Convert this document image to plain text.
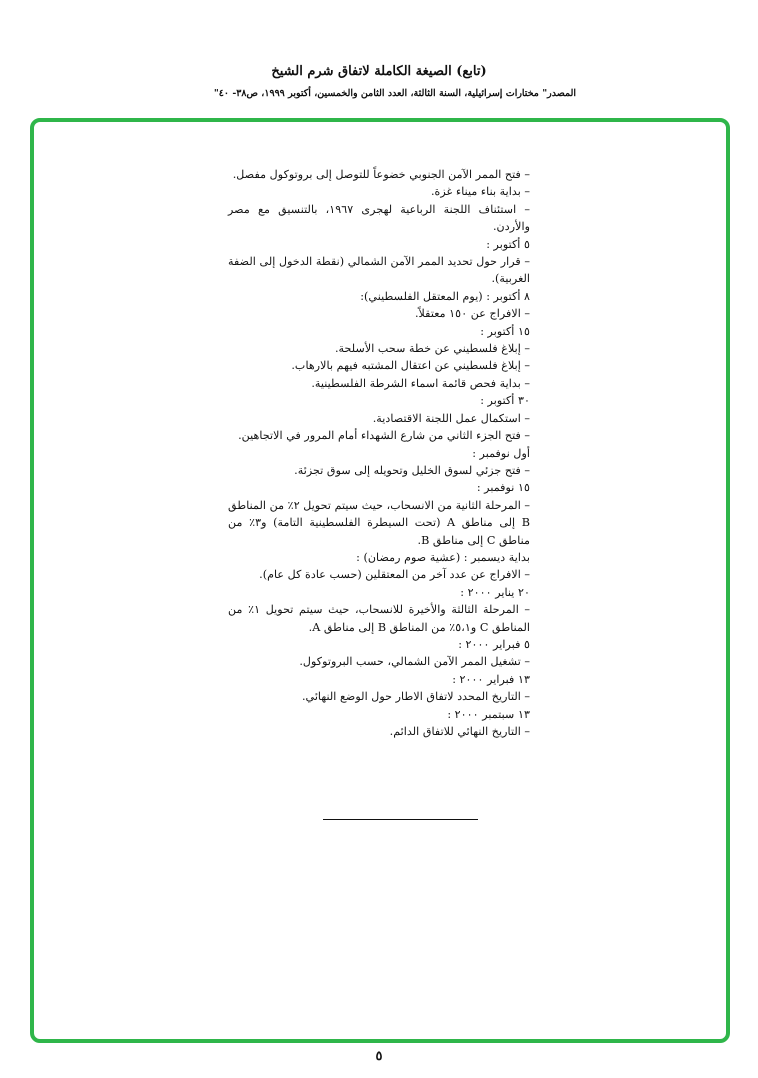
(تابع) الصيغة الكاملة لاتفاق شرم الشيخ
المصدر" مختارات إسرائيلية، السنة الثالثة، العدد الثامن والخمسين، أكتوبر ١٩٩٩، ص٣٨- ٤٠"

– فتح الممر الآمن الجنوبي خضوعاً للتوصل إلى بروتوكول مفصل.

– بداية بناء ميناء غزة.

– استئناف اللجنة الرباعية لهجرى ١٩٦٧، بالتنسيق مع مصر والأردن.

٥ أكتوبر :

– قرار حول تحديد الممر الآمن الشمالي (نقطة الدخول إلى الضفة الغربية).

٨ أكتوبر : (يوم المعتقل الفلسطيني):

– الافراج عن ١٥٠ معتقلاً.

١٥ أكتوبر :

– إبلاغ فلسطيني عن خطة سحب الأسلحة.

– إبلاغ فلسطيني عن اعتقال المشتبه فيهم بالارهاب.

– بداية فحص قائمة اسماء الشرطة الفلسطينية.

٣٠ أكتوبر :

– استكمال عمل اللجنة الاقتصادية.

– فتح الجزء الثاني من شارع الشهداء أمام المرور في الاتجاهين.

أول نوفمبر :

– فتح جزئي لسوق الخليل وتحويله إلى سوق تجزئة.

١٥ نوفمبر :

– المرحلة الثانية من الانسحاب، حيث سيتم تحويل ٢٪ من المناطق B إلى مناطق A (تحت السيطرة الفلسطينية التامة) و٣٪ من مناطق C إلى مناطق B.

بداية ديسمبر : (عشية صوم رمضان) :

– الافراج عن عدد آخر من المعتقلين (حسب عادة كل عام).

٢٠ يناير ٢٠٠٠ :

– المرحلة الثالثة والأخيرة للانسحاب، حيث سيتم تحويل ١٪ من المناطق C و٥،١٪ من المناطق B إلى مناطق A.

٥ فبراير ٢٠٠٠ :

– تشغيل الممر الآمن الشمالي، حسب البروتوكول.

١٣ فبراير ٢٠٠٠ :

– التاريخ المحدد لاتفاق الاطار حول الوضع النهائي.

١٣ سبتمبر ٢٠٠٠ :

– التاريخ النهائي للاتفاق الدائم.

٥
